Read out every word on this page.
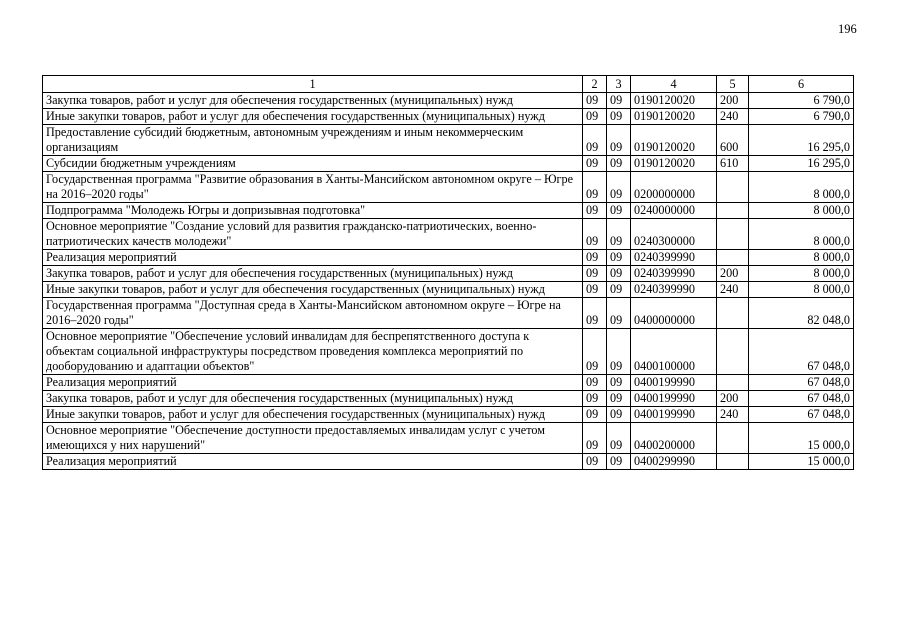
196
1	2	3	4	5	6
Закупка товаров, работ и услуг для обеспечения государственных (муниципальных) нужд	09	09	0190120020	200	6 790,0
Иные закупки товаров, работ и услуг для обеспечения государственных (муниципальных) нужд	09	09	0190120020	240	6 790,0
Предоставление субсидий бюджетным, автономным учреждениям и иным некоммерческим организациям	09	09	0190120020	600	16 295,0
Субсидии бюджетным учреждениям	09	09	0190120020	610	16 295,0
Государственная программа "Развитие образования в Ханты-Мансийском автономном округе – Югре на 2016–2020 годы"	09	09	0200000000		8 000,0
Подпрограмма "Молодежь Югры и допризывная подготовка"	09	09	0240000000		8 000,0
Основное мероприятие "Создание условий для развития гражданско-патриотических, военно-патриотических качеств молодежи"	09	09	0240300000		8 000,0
Реализация мероприятий	09	09	0240399990		8 000,0
Закупка товаров, работ и услуг для обеспечения государственных (муниципальных) нужд	09	09	0240399990	200	8 000,0
Иные закупки товаров, работ и услуг для обеспечения государственных (муниципальных) нужд	09	09	0240399990	240	8 000,0
Государственная программа "Доступная среда в Ханты-Мансийском автономном округе – Югре на 2016–2020 годы"	09	09	0400000000		82 048,0
Основное мероприятие "Обеспечение условий инвалидам для беспрепятственного доступа к объектам социальной инфраструктуры посредством проведения комплекса мероприятий по дооборудованию и адаптации объектов"	09	09	0400100000		67 048,0
Реализация мероприятий	09	09	0400199990		67 048,0
Закупка товаров, работ и услуг для обеспечения государственных (муниципальных) нужд	09	09	0400199990	200	67 048,0
Иные закупки товаров, работ и услуг для обеспечения государственных (муниципальных) нужд	09	09	0400199990	240	67 048,0
Основное мероприятие "Обеспечение доступности предоставляемых инвалидам услуг с учетом имеющихся у них нарушений"	09	09	0400200000		15 000,0
Реализация мероприятий	09	09	0400299990		15 000,0
